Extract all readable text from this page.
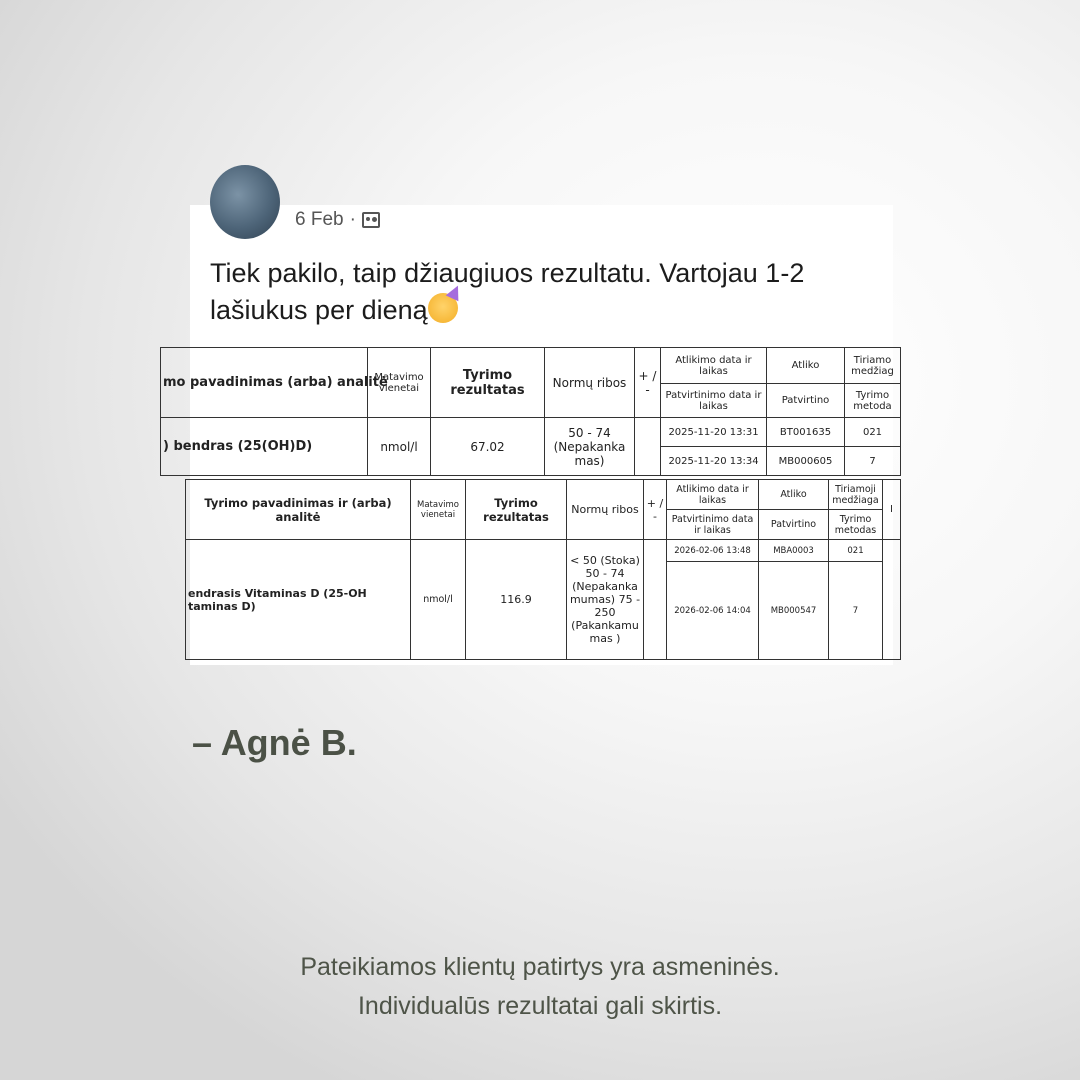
6 Feb ·
Tiek pakilo, taip džiaugiuos rezultatu. Vartojau 1-2 lašiukus per dieną
mo pavadinimas (arba) analitė	Matavimo vienetai	Tyrimo rezultatas	Normų ribos	+ / -	Atlikimo data ir laikas	Atliko	Tiriamo medžiag
					Patvirtinimo data ir laikas	Patvirtino	Tyrimo metoda
) bendras (25(OH)D)	nmol/l	67.02	50 - 74 (Nepakanka mas)		2025-11-20 13:31	BT001635	021
					2025-11-20 13:34	MB000605	7
Tyrimo pavadinimas ir (arba) analitė	Matavimo vienetai	Tyrimo rezultatas	Normų ribos	+ / -	Atlikimo data ir laikas	Atliko	Tiriamoji medžiaga	I
					Patvirtinimo data ir laikas	Patvirtino	Tyrimo metodas	
endrasis Vitaminas D (25-OH taminas D)	nmol/l	116.9	< 50 (Stoka) 50 - 74 (Nepakanka mumas) 75 - 250 (Pakankamu mas )		2026-02-06 13:48	MBA0003	021	
					2026-02-06 14:04	MB000547	7	
– Agnė B.
Pateikiamos klientų patirtys yra asmeninės.
Individualūs rezultatai gali skirtis.
